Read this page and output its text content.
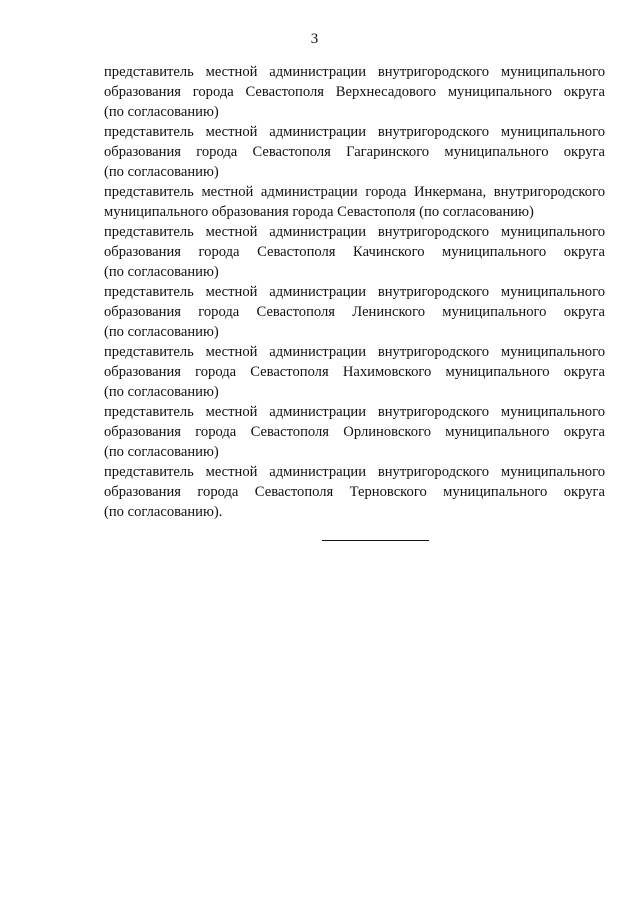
3
представитель местной администрации внутригородского муниципального
образования города Севастополя Верхнесадового муниципального округа
(по согласованию)
представитель местной администрации внутригородского муниципального
образования города Севастополя Гагаринского муниципального округа
(по согласованию)
представитель местной администрации города Инкермана, внутригородского
муниципального образования города Севастополя (по согласованию)
представитель местной администрации внутригородского муниципального
образования города Севастополя Качинского муниципального округа
(по согласованию)
представитель местной администрации внутригородского муниципального
образования города Севастополя Ленинского муниципального округа
(по согласованию)
представитель местной администрации внутригородского муниципального
образования города Севастополя Нахимовского муниципального округа
(по согласованию)
представитель местной администрации внутригородского муниципального
образования города Севастополя Орлиновского муниципального округа
(по согласованию)
представитель местной администрации внутригородского муниципального
образования города Севастополя Терновского муниципального округа
(по согласованию).
